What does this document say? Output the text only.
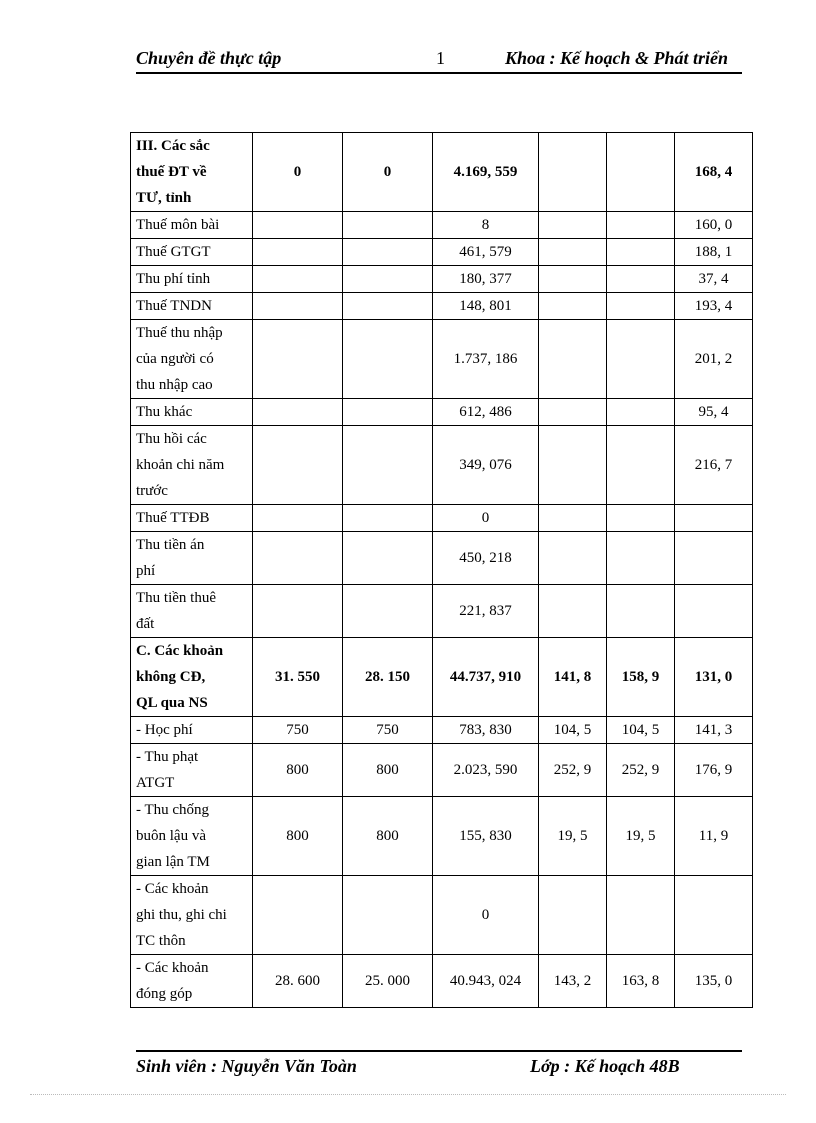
Chuyên đề thực tập	1	Khoa : Kế hoạch & Phát triển
III. Các sắc
thuế ĐT về
TƯ, tỉnh	0	0	4.169, 559			168, 4

Thuế môn bài			8			160, 0

Thuế GTGT			461, 579			188, 1

Thu phí tỉnh			180, 377			37, 4

Thuế TNDN			148, 801			193, 4

Thuế thu nhập
của người có
thu nhập cao			1.737, 186			201, 2

Thu khác			612, 486			95, 4

Thu hồi các
khoản chi năm
trước			349, 076			216, 7

Thuế TTĐB			0			

Thu tiền án
phí			450, 218			

Thu tiền thuê
đất			221, 837			

C. Các khoản
không CĐ,
QL qua NS	31. 550	28. 150	44.737, 910	141, 8	158, 9	131, 0

- Học phí	750	750	783, 830	104, 5	104, 5	141, 3

- Thu phạt
ATGT	800	800	2.023, 590	252, 9	252, 9	176, 9

- Thu chống
buôn lậu và
gian lận TM	800	800	155, 830	19, 5	19, 5	11, 9

- Các khoản
ghi thu, ghi chi
TC thôn			0			

- Các khoản
đóng góp	28. 600	25. 000	40.943, 024	143, 2	163, 8	135, 0
Sinh viên : Nguyễn Văn Toàn	Lớp : Kế hoạch 48B
